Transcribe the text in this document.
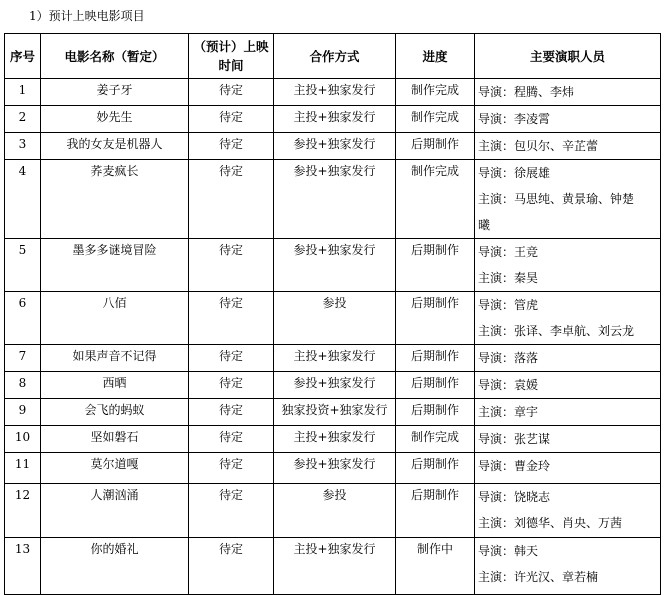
1）预计上映电影项目
序号	电影名称（暂定）	（预计）上映时间	合作方式	进度	主要演职人员
1	姜子牙	待定	主投+独家发行	制作完成	导演：程腾、李炜

2	妙先生	待定	主投+独家发行	制作完成	导演：李凌霄

3	我的女友是机器人	待定	参投+独家发行	后期制作	主演：包贝尔、辛芷蕾

4	荞麦疯长	待定	参投+独家发行	制作完成	导演：徐展雄
主演：马思纯、黄景瑜、钟楚
曦

5	墨多多谜境冒险	待定	参投+独家发行	后期制作	导演：王竞
主演：秦昊

6	八佰	待定	参投	后期制作	导演：管虎
主演：张译、李卓航、刘云龙

7	如果声音不记得	待定	主投+独家发行	后期制作	导演：落落

8	西晒	待定	参投+独家发行	后期制作	导演：袁媛

9	会飞的蚂蚁	待定	独家投资+独家发行	后期制作	主演：章宇

10	坚如磐石	待定	主投+独家发行	制作完成	导演：张艺谋

11	莫尔道嘎	待定	参投+独家发行	后期制作	导演：曹金玲

12	人潮汹涌	待定	参投	后期制作	导演：饶晓志
主演：刘德华、肖央、万茜

13	你的婚礼	待定	主投+独家发行	制作中	导演：韩天
主演：许光汉、章若楠
